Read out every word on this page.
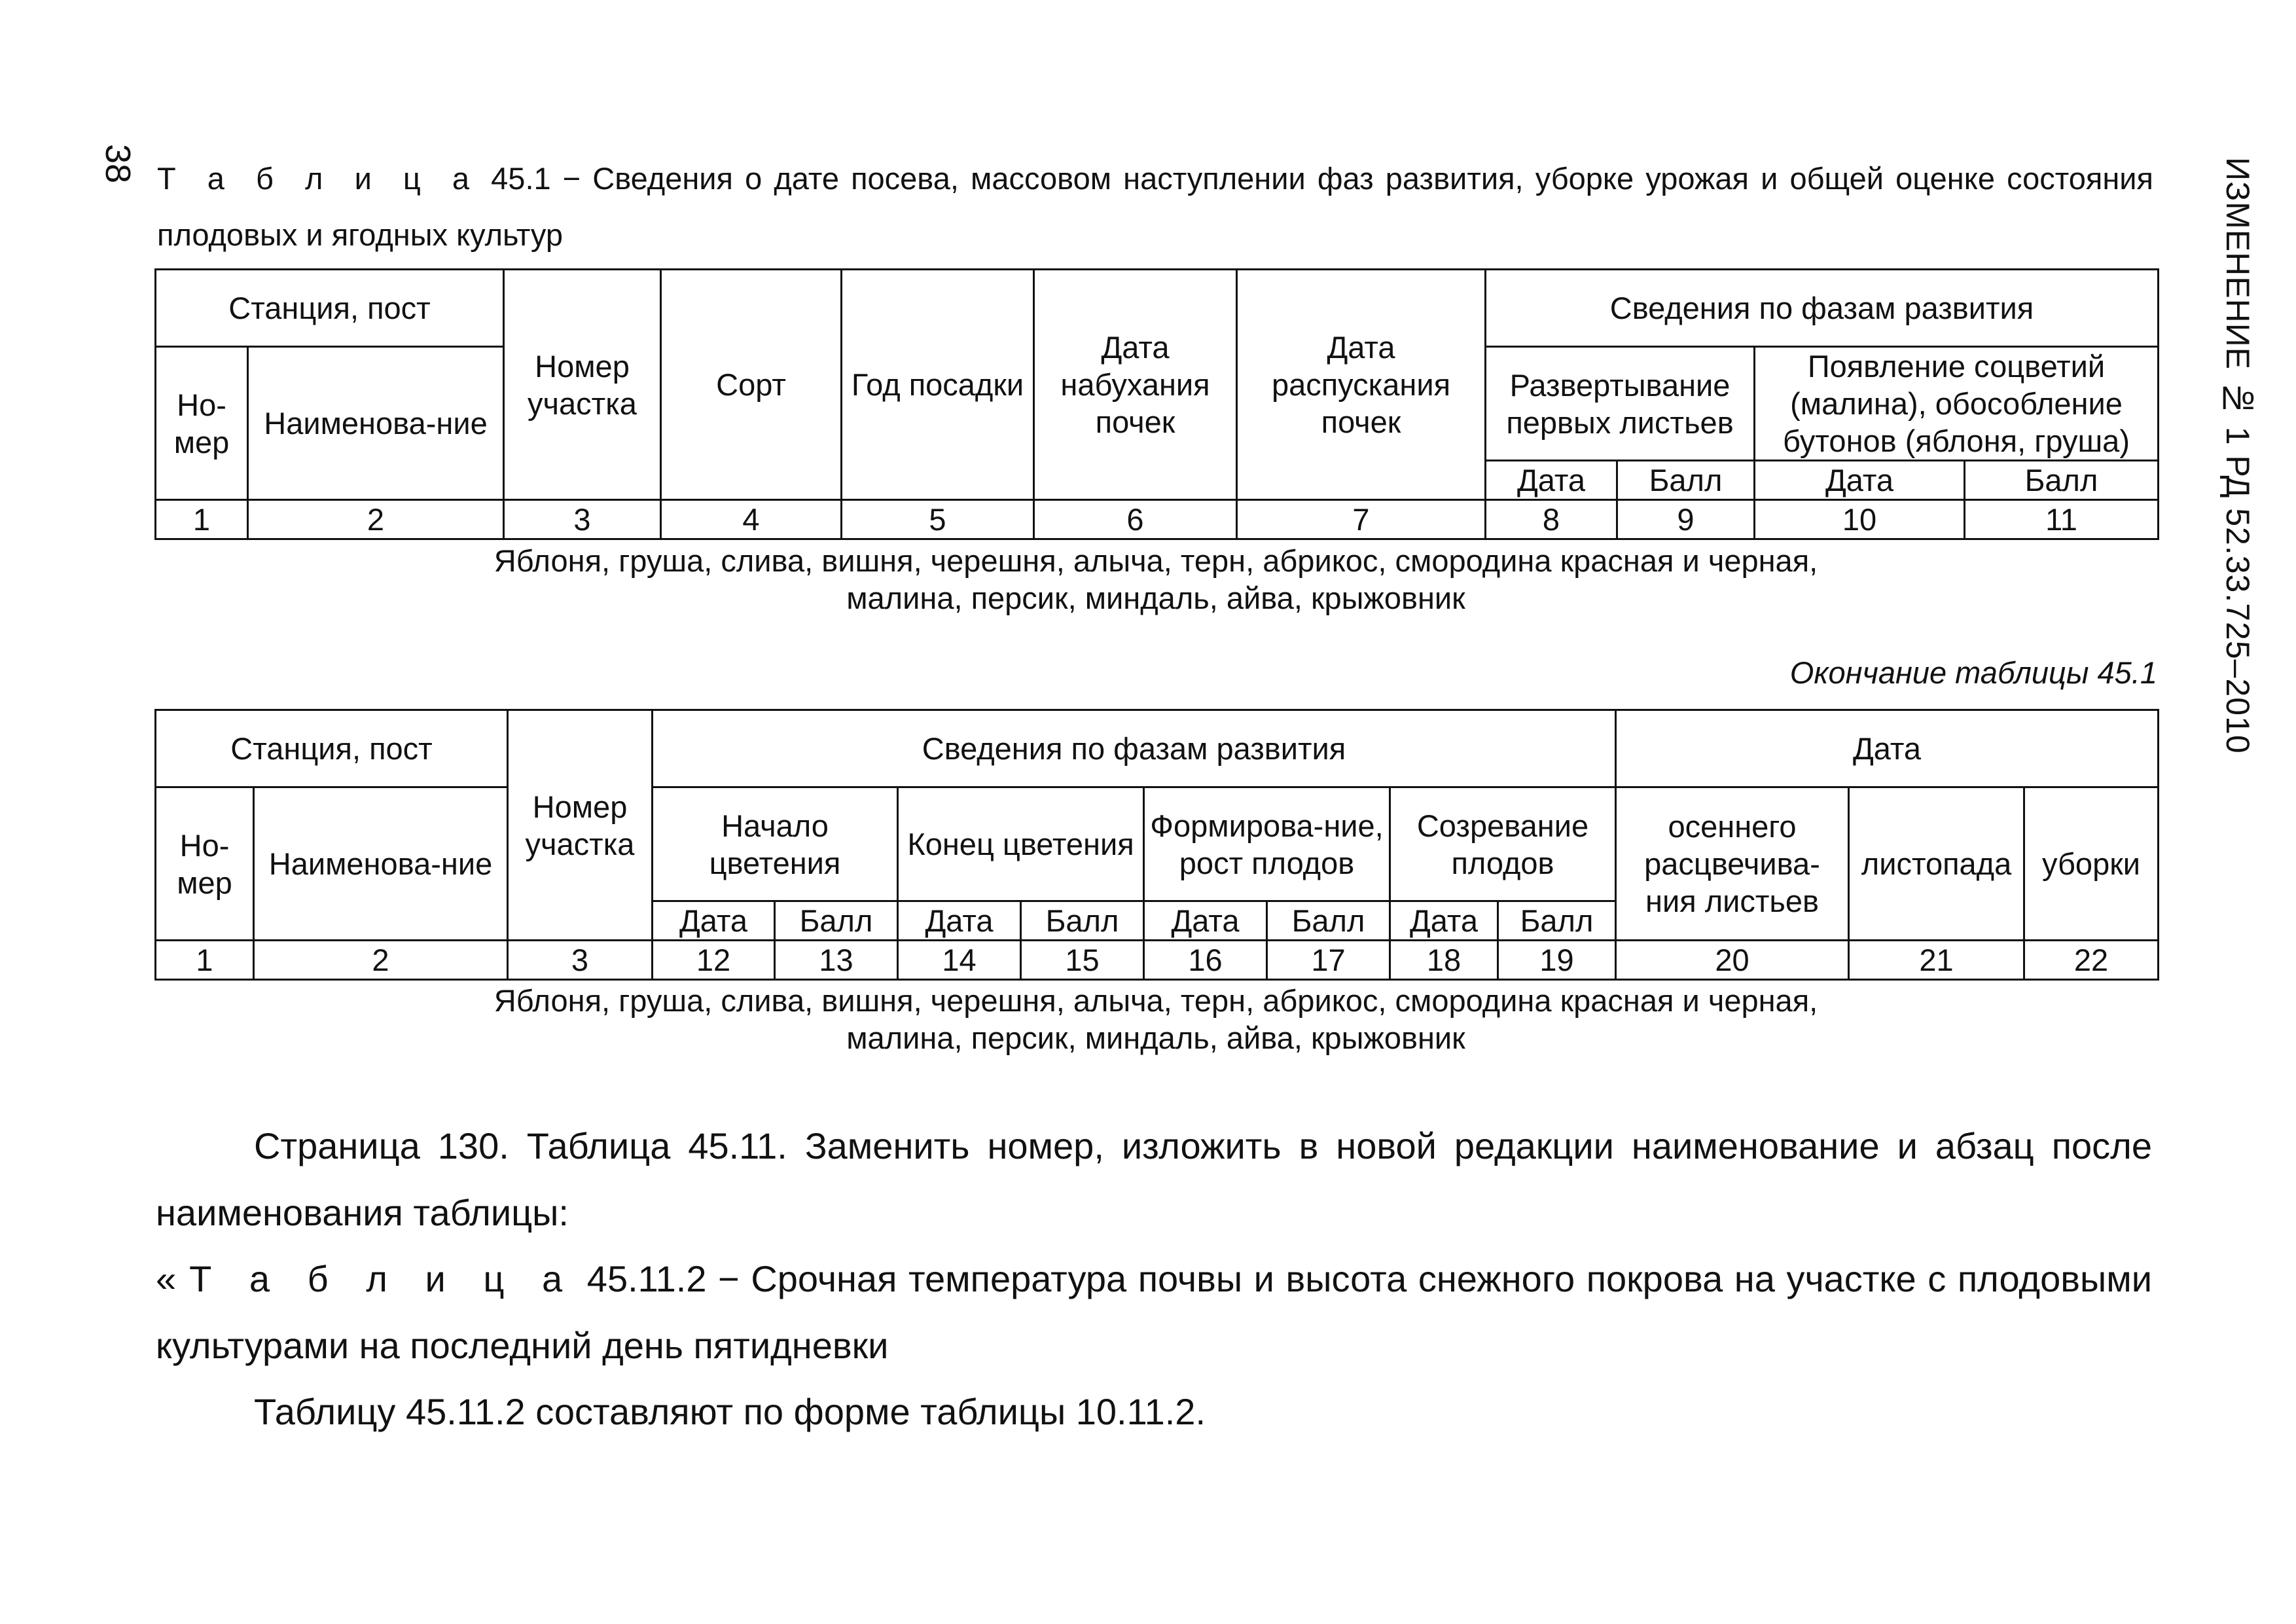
38	ИЗМЕНЕНИЕ № 1 РД 52.33.725–2010
Т а б л и ц а 45.1 − Сведения о дате посева, массовом наступлении фаз развития, уборке урожая и общей оценке состояния плодовых и ягодных культур
Станция, пост		Номер участка	Сорт	Год посадки	Дата набухания почек	Дата распускания почек	Сведения по фазам развития			
Но-мер	Наименова-ние						Развертывание первых листьев		Появление соцветий (малина), обособление бутонов (яблоня, груша)	
							Дата	Балл	Дата	Балл
1	2	3	4	5	6	7	8	9	10	11
Яблоня, груша, слива, вишня, черешня, алыча, терн, абрикос, смородина красная и черная,
малина, персик, миндаль, айва, крыжовник
Окончание таблицы 45.1
Станция, пост		Номер участка	Сведения по фазам развития								Дата		
Но-мер	Наименова-ние		Начало цветения		Конец цветения		Формирова-ние, рост плодов		Созревание плодов		осеннего расцвечива-ния листьев	листопада	уборки
			Дата	Балл	Дата	Балл	Дата	Балл	Дата	Балл			
1	2	3	12	13	14	15	16	17	18	19	20	21	22
Яблоня, груша, слива, вишня, черешня, алыча, терн, абрикос, смородина красная и черная,
малина, персик, миндаль, айва, крыжовник
Страница 130. Таблица 45.11. Заменить номер, изложить в новой редакции наименование и абзац после наименования таблицы:
«Т а б л и ц а 45.11.2 − Срочная температура почвы и высота снежного покрова на участке с плодовыми культурами на последний день пятидневки
Таблицу 45.11.2 составляют по форме таблицы 10.11.2.
